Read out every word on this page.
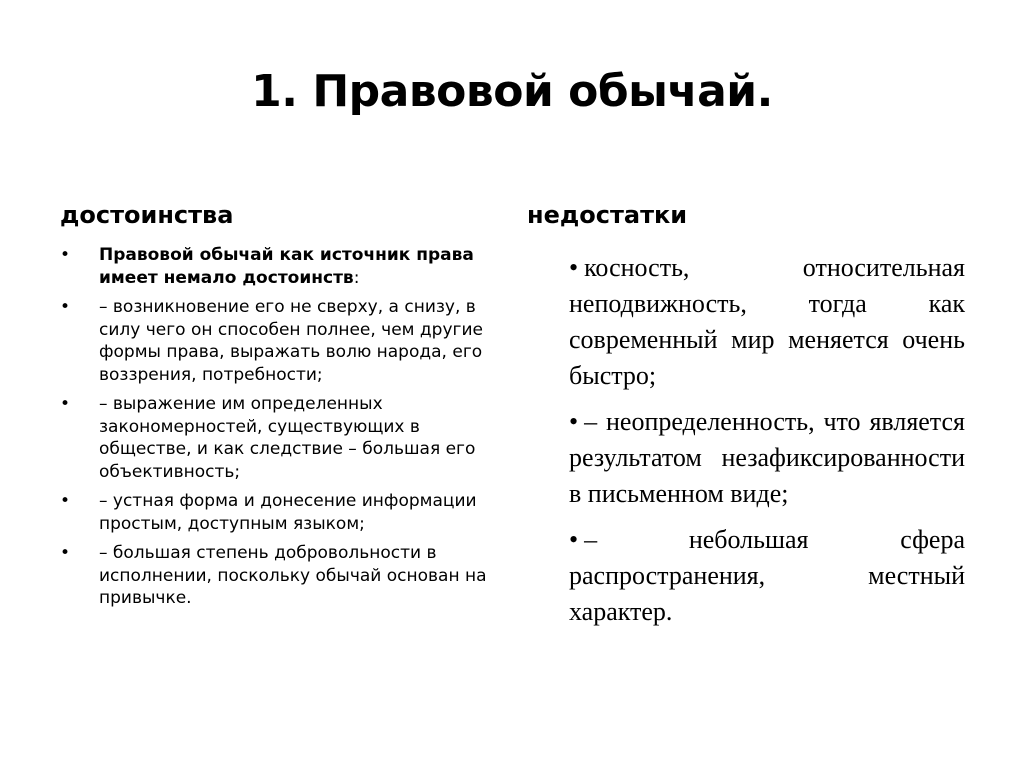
1. Правовой обычай.
достоинства	недостатки
• Правовой обычай как источник права имеет немало достоинств:
• – возникновение его не сверху, а снизу, в силу чего он способен полнее, чем другие формы права, выражать волю народа, его воззрения, потребности;
• – выражение им определенных закономерностей, существующих в обществе, и как следствие – большая его объективность;
• – устная форма и донесение информации простым, доступным языком;
• – большая степень добровольности в исполнении, поскольку обычай основан на привычке.
• косность, относительная неподвижность, тогда как современный мир меняется очень быстро;
• – неопределенность, что является результатом незафиксированности в письменном виде;
• – небольшая сфера распространения, местный характер.
